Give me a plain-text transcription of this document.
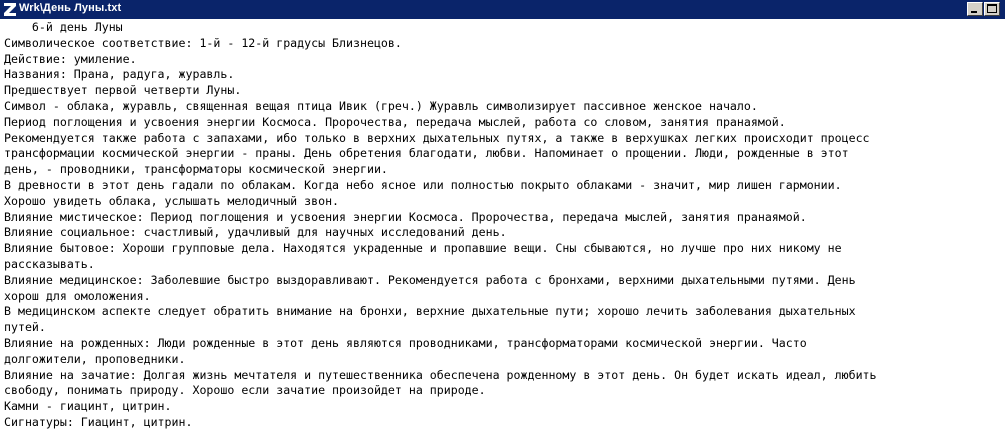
Wrk\День Луны.txt
6-й день Луны
Символическое соответствие: 1-й - 12-й градусы Близнецов.
Действие: умиление.
Названия: Прана, радуга, журавль.
Предшествует первой четверти Луны.
Символ - облака, журавль, священная вещая птица Ивик (греч.) Журавль символизирует пассивное женское начало.
Период поглощения и усвоения энергии Космоса. Пророчества, передача мыслей, работа со словом, занятия пранаямой.
Рекомендуется также работа с запахами, ибо только в верхних дыхательных путях, а также в верхушках легких происходит процесс
трансформации космической энергии - праны. День обретения благодати, любви. Напоминает о прощении. Люди, рожденные в этот
день, - проводники, трансформаторы космической энергии.
В древности в этот день гадали по облакам. Когда небо ясное или полностью покрыто облаками - значит, мир лишен гармонии.
Хорошо увидеть облака, услышать мелодичный звон.
Влияние мистическое: Период поглощения и усвоения энергии Космоса. Пророчества, передача мыслей, занятия пранаямой.
Влияние социальное: счастливый, удачливый для научных исследований день.
Влияние бытовое: Хороши групповые дела. Находятся украденные и пропавшие вещи. Сны сбываются, но лучше про них никому не
рассказывать.
Влияние медицинское: Заболевшие быстро выздоравливают. Рекомендуется работа с бронхами, верхними дыхательными путями. День
хорош для омоложения.
В медицинском аспекте следует обратить внимание на бронхи, верхние дыхательные пути; хорошо лечить заболевания дыхательных
путей.
Влияние на рожденных: Люди рожденные в этот день являются проводниками, трансформаторами космической энергии. Часто
долгожители, проповедники.
Влияние на зачатие: Долгая жизнь мечтателя и путешественника обеспечена рожденному в этот день. Он будет искать идеал, любить
свободу, понимать природу. Хорошо если зачатие произойдет на природе.
Камни - гиацинт, цитрин.
Сигнатуры: Гиацинт, цитрин.
